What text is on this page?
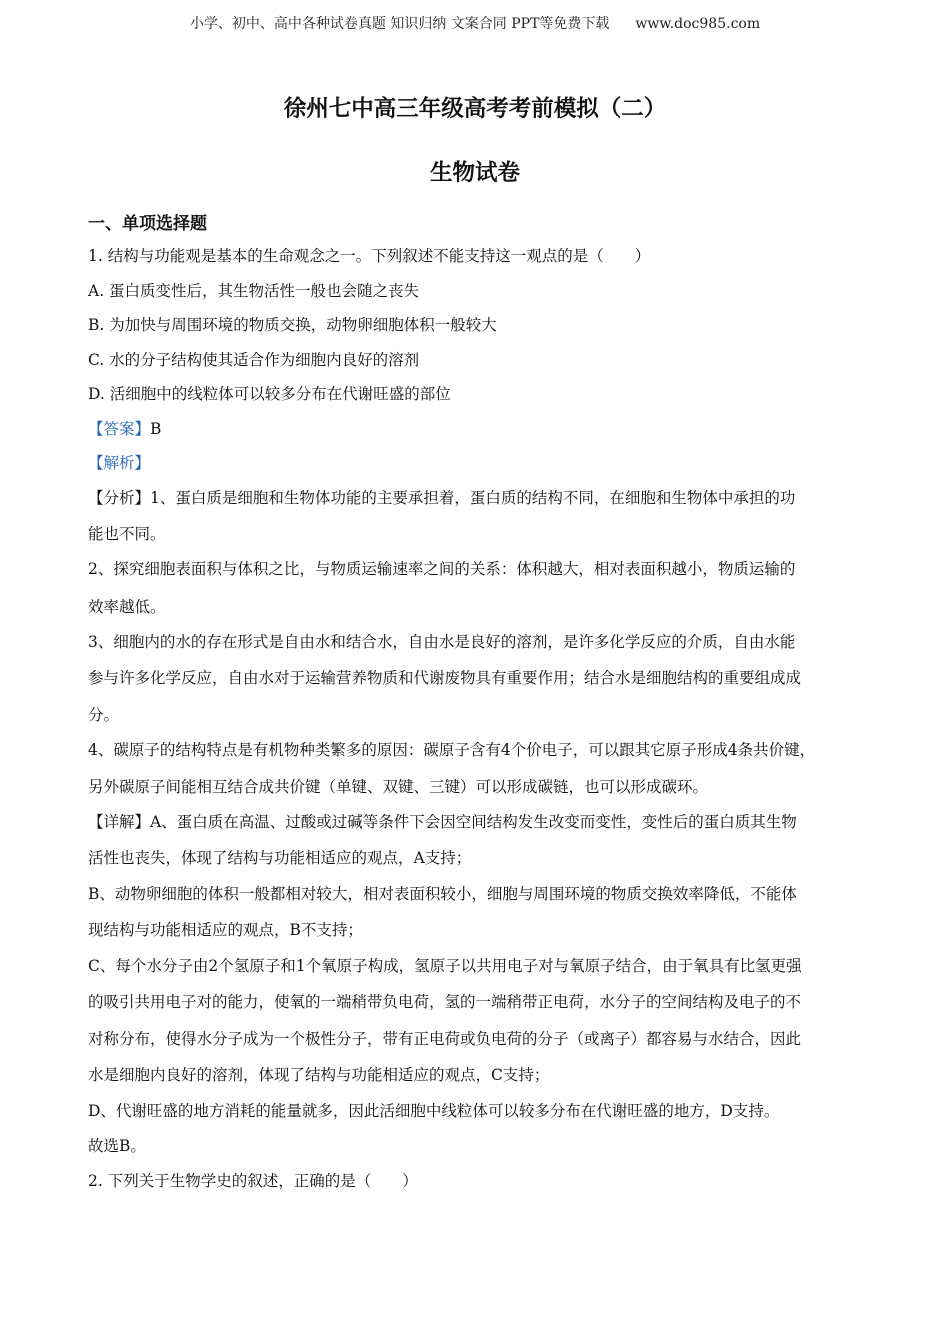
小学、初中、高中各种试卷真题 知识归纳 文案合同 PPT等免费下载 www.doc985.com
徐州七中高三年级高考考前模拟（二）
生物试卷
一、单项选择题
1. 结构与功能观是基本的生命观念之一。下列叙述不能支持这一观点的是（　　）
A. 蛋白质变性后，其生物活性一般也会随之丧失
B. 为加快与周围环境的物质交换，动物卵细胞体积一般较大
C. 水的分子结构使其适合作为细胞内良好的溶剂
D. 活细胞中的线粒体可以较多分布在代谢旺盛的部位
【答案】B
【解析】
【分析】1、蛋白质是细胞和生物体功能的主要承担着，蛋白质的结构不同，在细胞和生物体中承担的功
能也不同。
2、探究细胞表面积与体积之比，与物质运输速率之间的关系：体积越大，相对表面积越小，物质运输的
效率越低。
3、细胞内的水的存在形式是自由水和结合水，自由水是良好的溶剂，是许多化学反应的介质，自由水能
参与许多化学反应，自由水对于运输营养物质和代谢废物具有重要作用；结合水是细胞结构的重要组成成
分。
4、碳原子的结构特点是有机物种类繁多的原因：碳原子含有4个价电子，可以跟其它原子形成4条共价键，
另外碳原子间能相互结合成共价键（单键、双键、三键）可以形成碳链，也可以形成碳环。
【详解】A、蛋白质在高温、过酸或过碱等条件下会因空间结构发生改变而变性，变性后的蛋白质其生物
活性也丧失，体现了结构与功能相适应的观点，A支持；
B、动物卵细胞的体积一般都相对较大，相对表面积较小，细胞与周围环境的物质交换效率降低，不能体
现结构与功能相适应的观点，B不支持；
C、每个水分子由2个氢原子和1个氧原子构成，氢原子以共用电子对与氧原子结合，由于氧具有比氢更强
的吸引共用电子对的能力，使氧的一端稍带负电荷，氢的一端稍带正电荷，水分子的空间结构及电子的不
对称分布，使得水分子成为一个极性分子，带有正电荷或负电荷的分子（或离子）都容易与水结合，因此
水是细胞内良好的溶剂，体现了结构与功能相适应的观点，C支持；
D、代谢旺盛的地方消耗的能量就多，因此活细胞中线粒体可以较多分布在代谢旺盛的地方，D支持。
故选B。
2. 下列关于生物学史的叙述，正确的是（　　）
